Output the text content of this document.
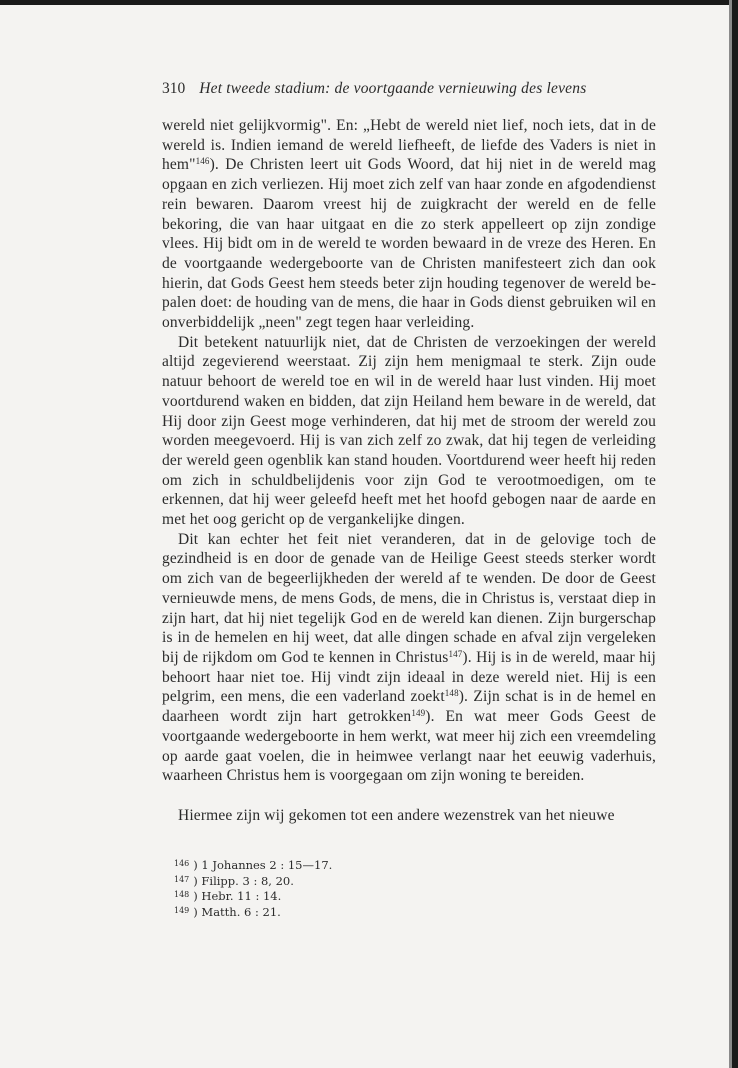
310 Het tweede stadium: de voortgaande vernieuwing des levens

wereld niet gelijkvormig". En: „Hebt de wereld niet lief, noch iets, dat in de wereld is. Indien iemand de wereld liefheeft, de liefde des Vaders is niet in hem"$^{146}$). De Christen leert uit Gods Woord, dat hij niet in de wereld mag opgaan en zich verliezen. Hij moet zich zelf van haar zonde en afgodendienst rein bewaren. Daarom vreest hij de zuigkracht der wereld en de felle bekoring, die van haar uitgaat en die zo sterk appelleert op zijn zondige vlees. Hij bidt om in de wereld te worden bewaard in de vreze des Heren. En de voortgaande wedergeboorte van de Christen manifesteert zich dan ook hierin, dat Gods Geest hem steeds beter zijn houding tegenover de wereld bepalen doet: de houding van de mens, die haar in Gods dienst gebruiken wil en onverbiddelijk „neen" zegt tegen haar verleiding.

Dit betekent natuurlijk niet, dat de Christen de verzoekingen der wereld altijd zegevierend weerstaat. Zij zijn hem menigmaal te sterk. Zijn oude natuur behoort de wereld toe en wil in de wereld haar lust vinden. Hij moet voortdurend waken en bidden, dat zijn Heiland hem beware in de wereld, dat Hij door zijn Geest moge verhinderen, dat hij met de stroom der wereld zou worden meegevoerd. Hij is van zich zelf zo zwak, dat hij tegen de verleiding der wereld geen ogenblik kan stand houden. Voortdurend weer heeft hij reden om zich in schuldbelijdenis voor zijn God te verootmoedigen, om te erkennen, dat hij weer geleefd heeft met het hoofd gebogen naar de aarde en met het oog gericht op de vergankelijke dingen.

Dit kan echter het feit niet veranderen, dat in de gelovige toch de gezindheid is en door de genade van de Heilige Geest steeds sterker wordt om zich van de begeerlijkheden der wereld af te wenden. De door de Geest vernieuwde mens, de mens Gods, de mens, die in Christus is, verstaat diep in zijn hart, dat hij niet tegelijk God en de wereld kan dienen. Zijn burgerschap is in de hemelen en hij weet, dat alle dingen schade en afval zijn vergeleken bij de rijkdom om God te kennen in Christus$^{147}$). Hij is in de wereld, maar hij behoort haar niet toe. Hij vindt zijn ideaal in deze wereld niet. Hij is een pelgrim, een mens, die een vaderland zoekt$^{148}$). Zijn schat is in de hemel en daarheen wordt zijn hart getrokken$^{149}$). En wat meer Gods Geest de voortgaande wedergeboorte in hem werkt, wat meer hij zich een vreemdeling op aarde gaat voelen, die in heimwee verlangt naar het eeuwig vaderhuis, waarheen Christus hem is voorgegaan om zijn woning te bereiden.

Hiermee zijn wij gekomen tot een andere wezenstrek van het nieuwe

$^{146}$ ) 1 Johannes 2 : 15—17.
$^{147}$ ) Filipp. 3 : 8, 20.
$^{148}$ ) Hebr. 11 : 14.
$^{149}$ ) Matth. 6 : 21.
